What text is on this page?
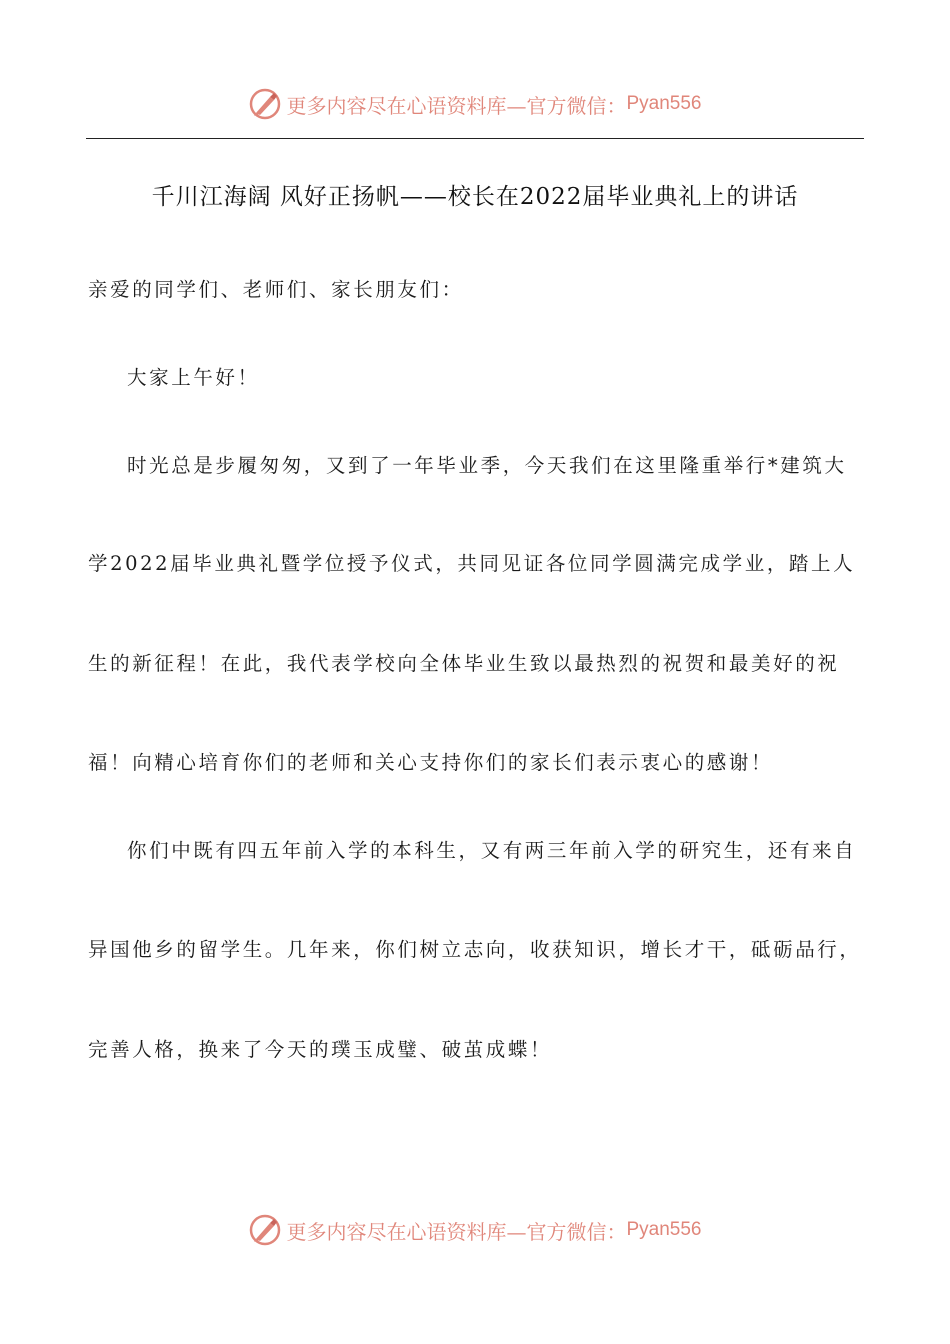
更多内容尽在心语资料库—官方微信： Pyan556
千川江海阔 风好正扬帆——校长在2022届毕业典礼上的讲话
亲爱的同学们、老师们、家长朋友们：
大家上午好！
时光总是步履匆匆，又到了一年毕业季，今天我们在这里隆重举行*建筑大
学2022届毕业典礼暨学位授予仪式，共同见证各位同学圆满完成学业，踏上人
生的新征程！在此，我代表学校向全体毕业生致以最热烈的祝贺和最美好的祝
福！向精心培育你们的老师和关心支持你们的家长们表示衷心的感谢！
你们中既有四五年前入学的本科生，又有两三年前入学的研究生，还有来自
异国他乡的留学生。几年来，你们树立志向，收获知识，增长才干，砥砺品行，
完善人格，换来了今天的璞玉成璧、破茧成蝶！
更多内容尽在心语资料库—官方微信： Pyan556
